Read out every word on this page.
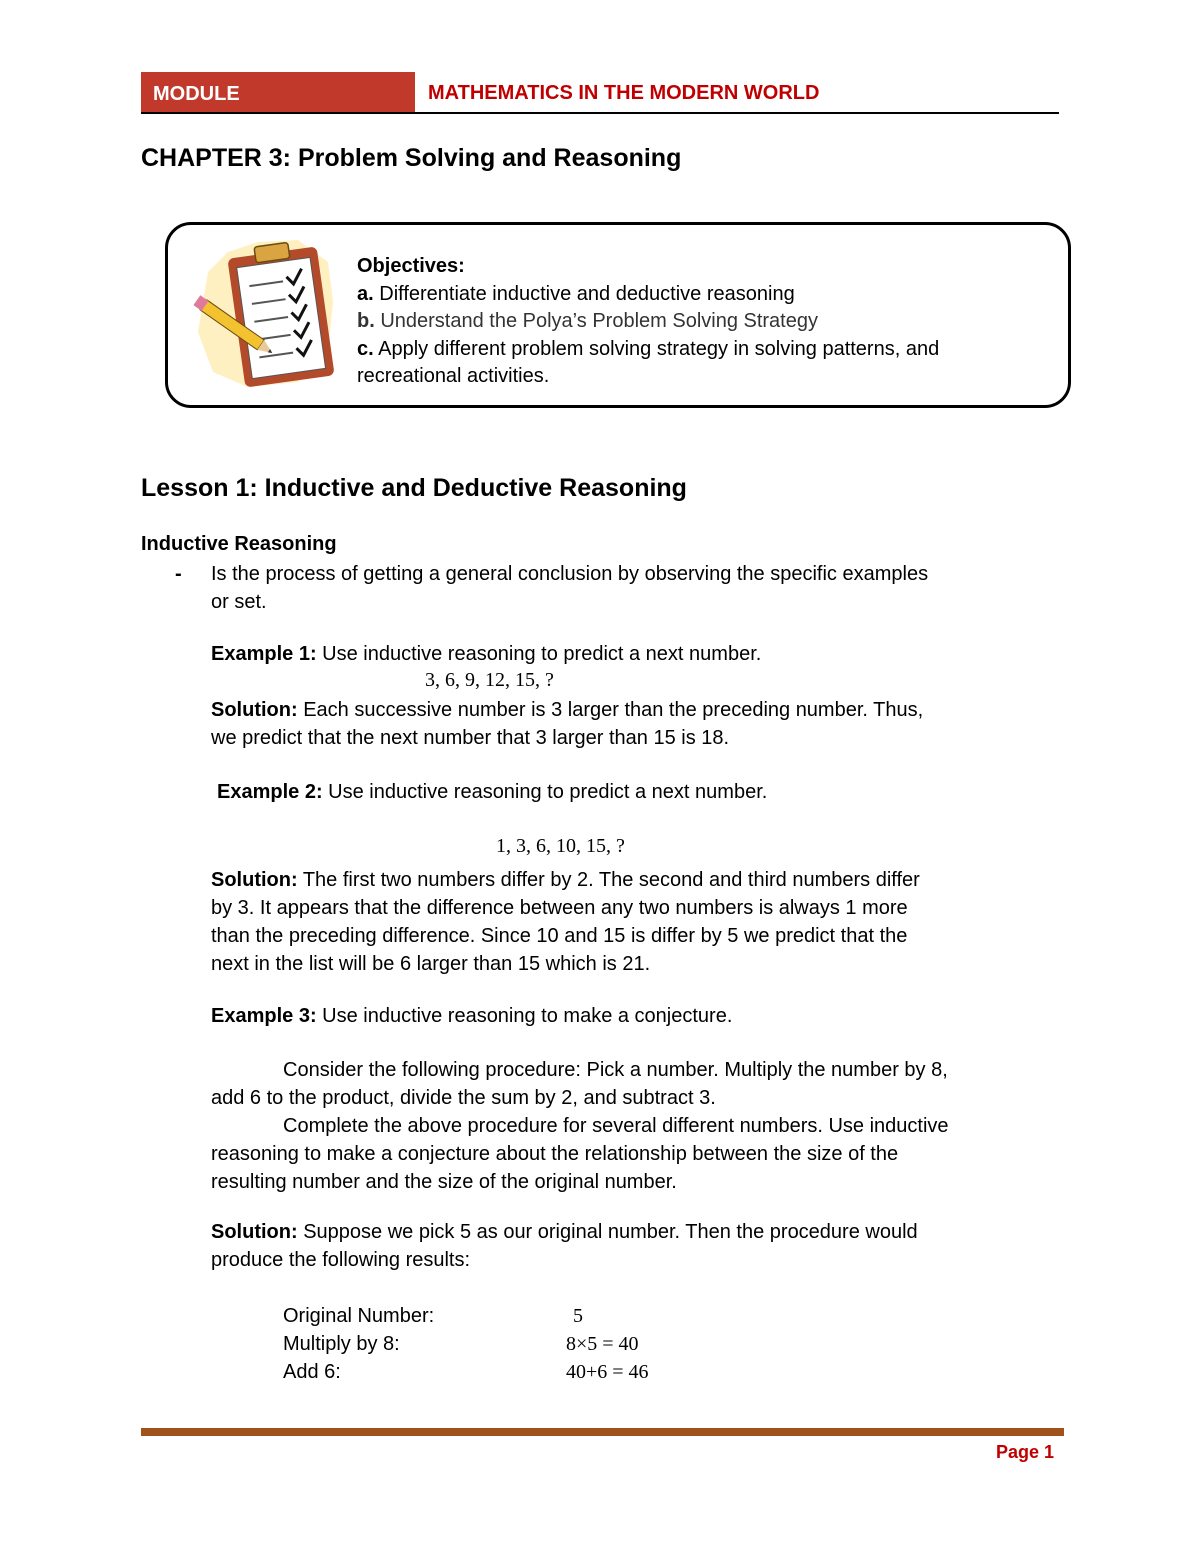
MODULE	MATHEMATICS IN THE MODERN WORLD
CHAPTER 3: Problem Solving and Reasoning
Objectives:
a. Differentiate inductive and deductive reasoning
b. Understand the Polya’s Problem Solving Strategy
c. Apply different problem solving strategy in solving patterns, and
recreational activities.
Lesson 1: Inductive and Deductive Reasoning
Inductive Reasoning
- Is the process of getting a general conclusion by observing the specific examples
or set.
Example 1: Use inductive reasoning to predict a next number.
3, 6, 9, 12, 15, ?
Solution: Each successive number is 3 larger than the preceding number. Thus,
we predict that the next number that 3 larger than 15 is 18.
Example 2: Use inductive reasoning to predict a next number.
1, 3, 6, 10, 15, ?
Solution: The first two numbers differ by 2. The second and third numbers differ
by 3. It appears that the difference between any two numbers is always 1 more
than the preceding difference. Since 10 and 15 is differ by 5 we predict that the
next in the list will be 6 larger than 15 which is 21.
Example 3: Use inductive reasoning to make a conjecture.
Consider the following procedure: Pick a number. Multiply the number by 8,
add 6 to the product, divide the sum by 2, and subtract 3.
Complete the above procedure for several different numbers. Use inductive
reasoning to make a conjecture about the relationship between the size of the
resulting number and the size of the original number.
Solution: Suppose we pick 5 as our original number. Then the procedure would
produce the following results:
Original Number:	5
Multiply by 8:	8×5 = 40
Add 6:	40+6 = 46
Page 1
